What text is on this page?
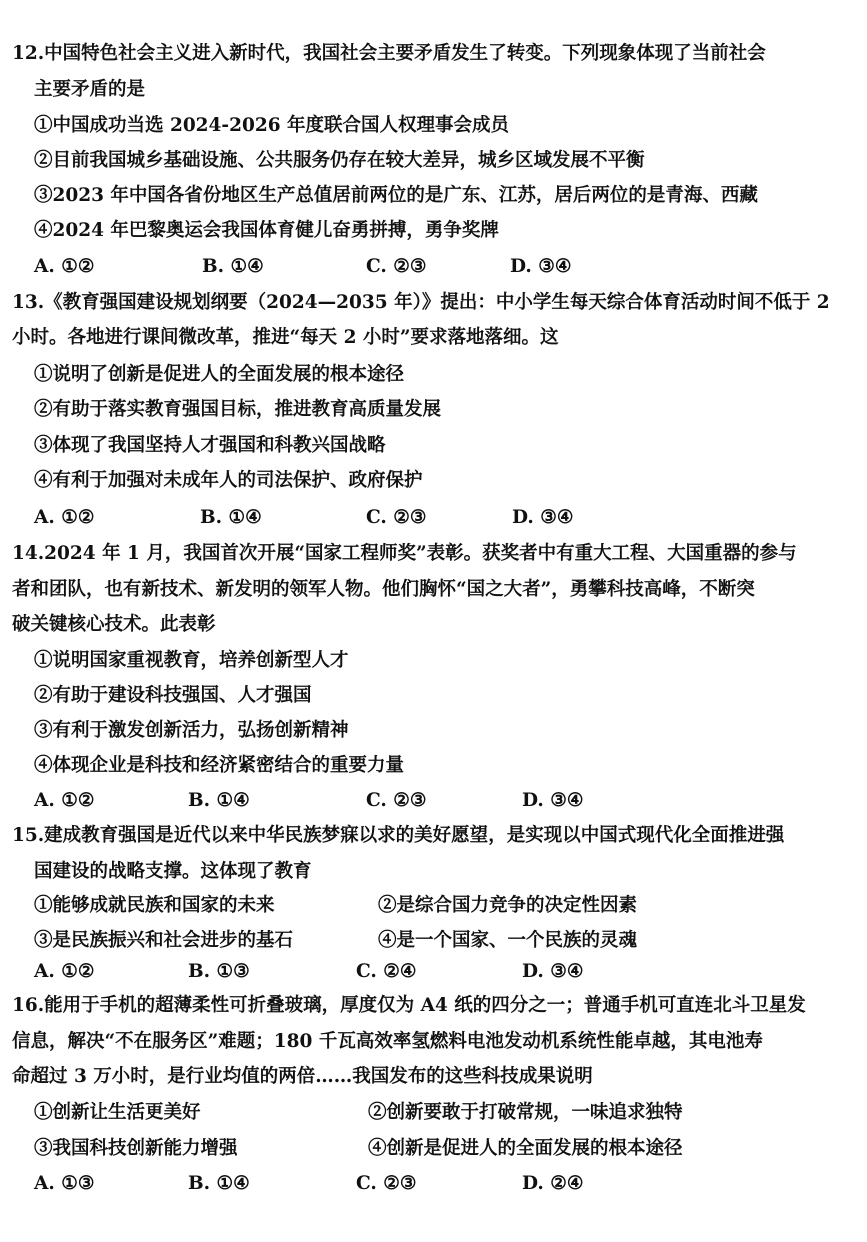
12.中国特色社会主义进入新时代，我国社会主要矛盾发生了转变。下列现象体现了当前社会
主要矛盾的是
①中国成功当选 2024-2026 年度联合国人权理事会成员
②目前我国城乡基础设施、公共服务仍存在较大差异，城乡区域发展不平衡
③2023 年中国各省份地区生产总值居前两位的是广东、江苏，居后两位的是青海、西藏
④2024 年巴黎奥运会我国体育健儿奋勇拼搏，勇争奖牌
A. ①②	B. ①④	C. ②③	D. ③④
13.《教育强国建设规划纲要（2024—2035 年）》提出：中小学生每天综合体育活动时间不低于 2
小时。各地进行课间微改革，推进“每天 2 小时”要求落地落细。这
①说明了创新是促进人的全面发展的根本途径
②有助于落实教育强国目标，推进教育高质量发展
③体现了我国坚持人才强国和科教兴国战略
④有利于加强对未成年人的司法保护、政府保护
A. ①②	B. ①④	C. ②③	D. ③④
14.2024 年 1 月，我国首次开展“国家工程师奖”表彰。获奖者中有重大工程、大国重器的参与
者和团队，也有新技术、新发明的领军人物。他们胸怀“国之大者”，勇攀科技高峰，不断突
破关键核心技术。此表彰
①说明国家重视教育，培养创新型人才
②有助于建设科技强国、人才强国
③有利于激发创新活力，弘扬创新精神
④体现企业是科技和经济紧密结合的重要力量
A. ①②	B. ①④	C. ②③	D. ③④
15.建成教育强国是近代以来中华民族梦寐以求的美好愿望，是实现以中国式现代化全面推进强
国建设的战略支撑。这体现了教育
①能够成就民族和国家的未来	②是综合国力竞争的决定性因素
③是民族振兴和社会进步的基石	④是一个国家、一个民族的灵魂
A. ①②	B. ①③	C. ②④	D. ③④
16.能用于手机的超薄柔性可折叠玻璃，厚度仅为 A4 纸的四分之一；普通手机可直连北斗卫星发
信息，解决“不在服务区”难题；180 千瓦高效率氢燃料电池发动机系统性能卓越，其电池寿
命超过 3 万小时，是行业均值的两倍……我国发布的这些科技成果说明
①创新让生活更美好	②创新要敢于打破常规，一味追求独特
③我国科技创新能力增强	④创新是促进人的全面发展的根本途径
A. ①③	B. ①④	C. ②③	D. ②④
